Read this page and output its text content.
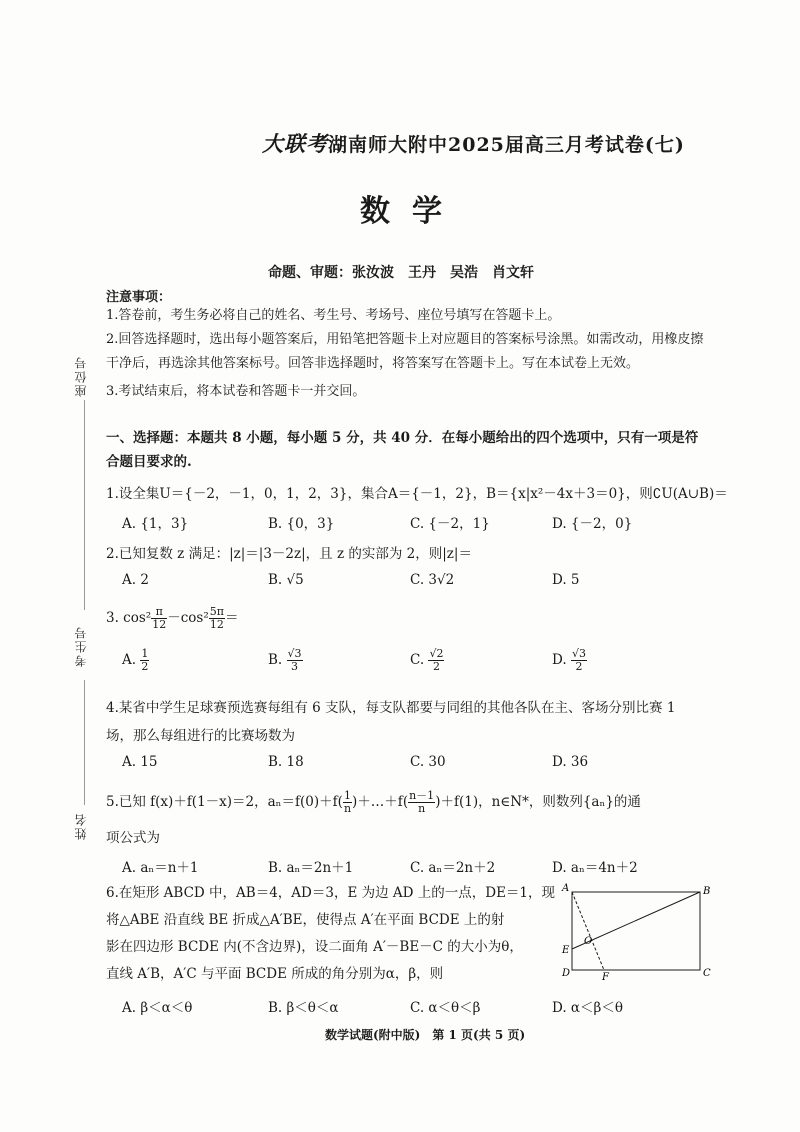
大联考湖南师大附中2025届高三月考试卷(七)
数学
命题、审题：张汝波　王丹　吴浩　肖文轩
座位号
考生号
姓名
注意事项：
1.答卷前，考生务必将自己的姓名、考生号、考场号、座位号填写在答题卡上。
2.回答选择题时，选出每小题答案后，用铅笔把答题卡上对应题目的答案标号涂黑。如需改动，用橡皮擦干净后，再选涂其他答案标号。回答非选择题时，将答案写在答题卡上。写在本试卷上无效。
3.考试结束后，将本试卷和答题卡一并交回。
一、选择题：本题共 8 小题，每小题 5 分，共 40 分．在每小题给出的四个选项中，只有一项是符合题目要求的.
1.设全集U＝{－2，－1，0，1，2，3}，集合A＝{－1，2}，B＝{x|x²－4x＋3＝0}，则∁U(A∪B)＝
A. {1，3}	B. {0，3}	C. {－2，1}	D. {－2，0}
2.已知复数 z 满足：|z|＝|3－2z|，且 z 的实部为 2，则|z|＝
A. 2	B. √5	C. 3√2	D. 5
3. $\cos^2 \frac{\pi}{12} -\cos^2 \frac{5\pi}{12}$ ＝
A. $\frac{1}{2}$	B. $\frac{√3}{3}$	C. $\frac{√2}{2}$	D. $\frac{√3}{2}$
4.某省中学生足球赛预选赛每组有 6 支队，每支队都要与同组的其他各队在主、客场分别比赛 1
场，那么每组进行的比赛场数为
A. 15	B. 18	C. 30	D. 36
5.已知 f(x)＋f(1－x)＝2，$a_n=f(0)+f( \frac{1}{n}$ )＋…＋f( $\frac{n-1}{n} )+f(1)$，n∈N*，则数列{aₙ}的通
项公式为
A. aₙ＝n＋1	B. aₙ＝2n＋1	C. aₙ＝2n＋2	D. aₙ＝4n＋2
6.在矩形 ABCD 中，AB＝4，AD＝3，E 为边 AD 上的一点，DE＝1，现
将△ABE 沿直线 BE 折成△A′BE，使得点 A′在平面 BCDE 上的射
影在四边形 BCDE 内(不含边界)，设二面角 A′－BE－C 的大小为θ，
直线 A′B，A′C 与平面 BCDE 所成的角分别为α，β，则
A. β＜α＜θ	B. β＜θ＜α	C. α＜θ＜β	D. α＜β＜θ
A	B
C
D
E
F
O
数学试题(附中版)　第 1 页(共 5 页)
